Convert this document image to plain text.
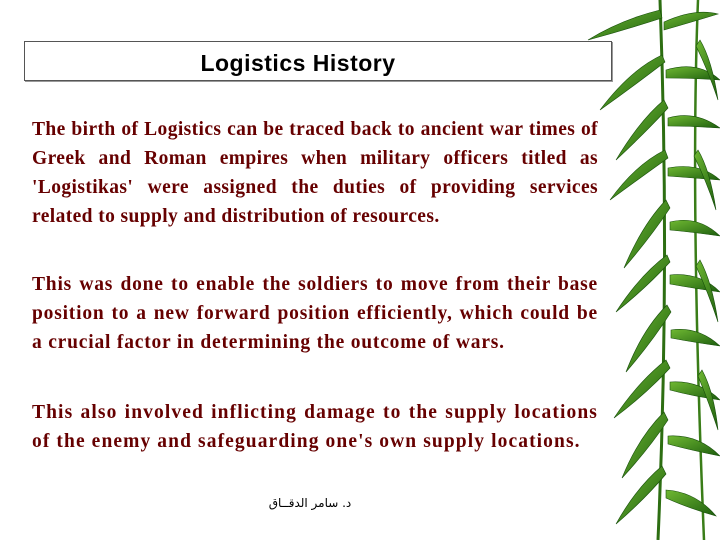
Logistics History
The birth of Logistics can be traced back to ancient war times of Greek and Roman empires when military officers titled as 'Logistikas' were assigned the duties of providing services related to supply and distribution of resources.
This was done to enable the soldiers to move from their base position to a new forward position efficiently, which could be a crucial factor in determining the outcome of wars.
This also involved inflicting damage to the supply locations of the enemy and safeguarding one's own supply locations.
د. سامر الدقــاق
